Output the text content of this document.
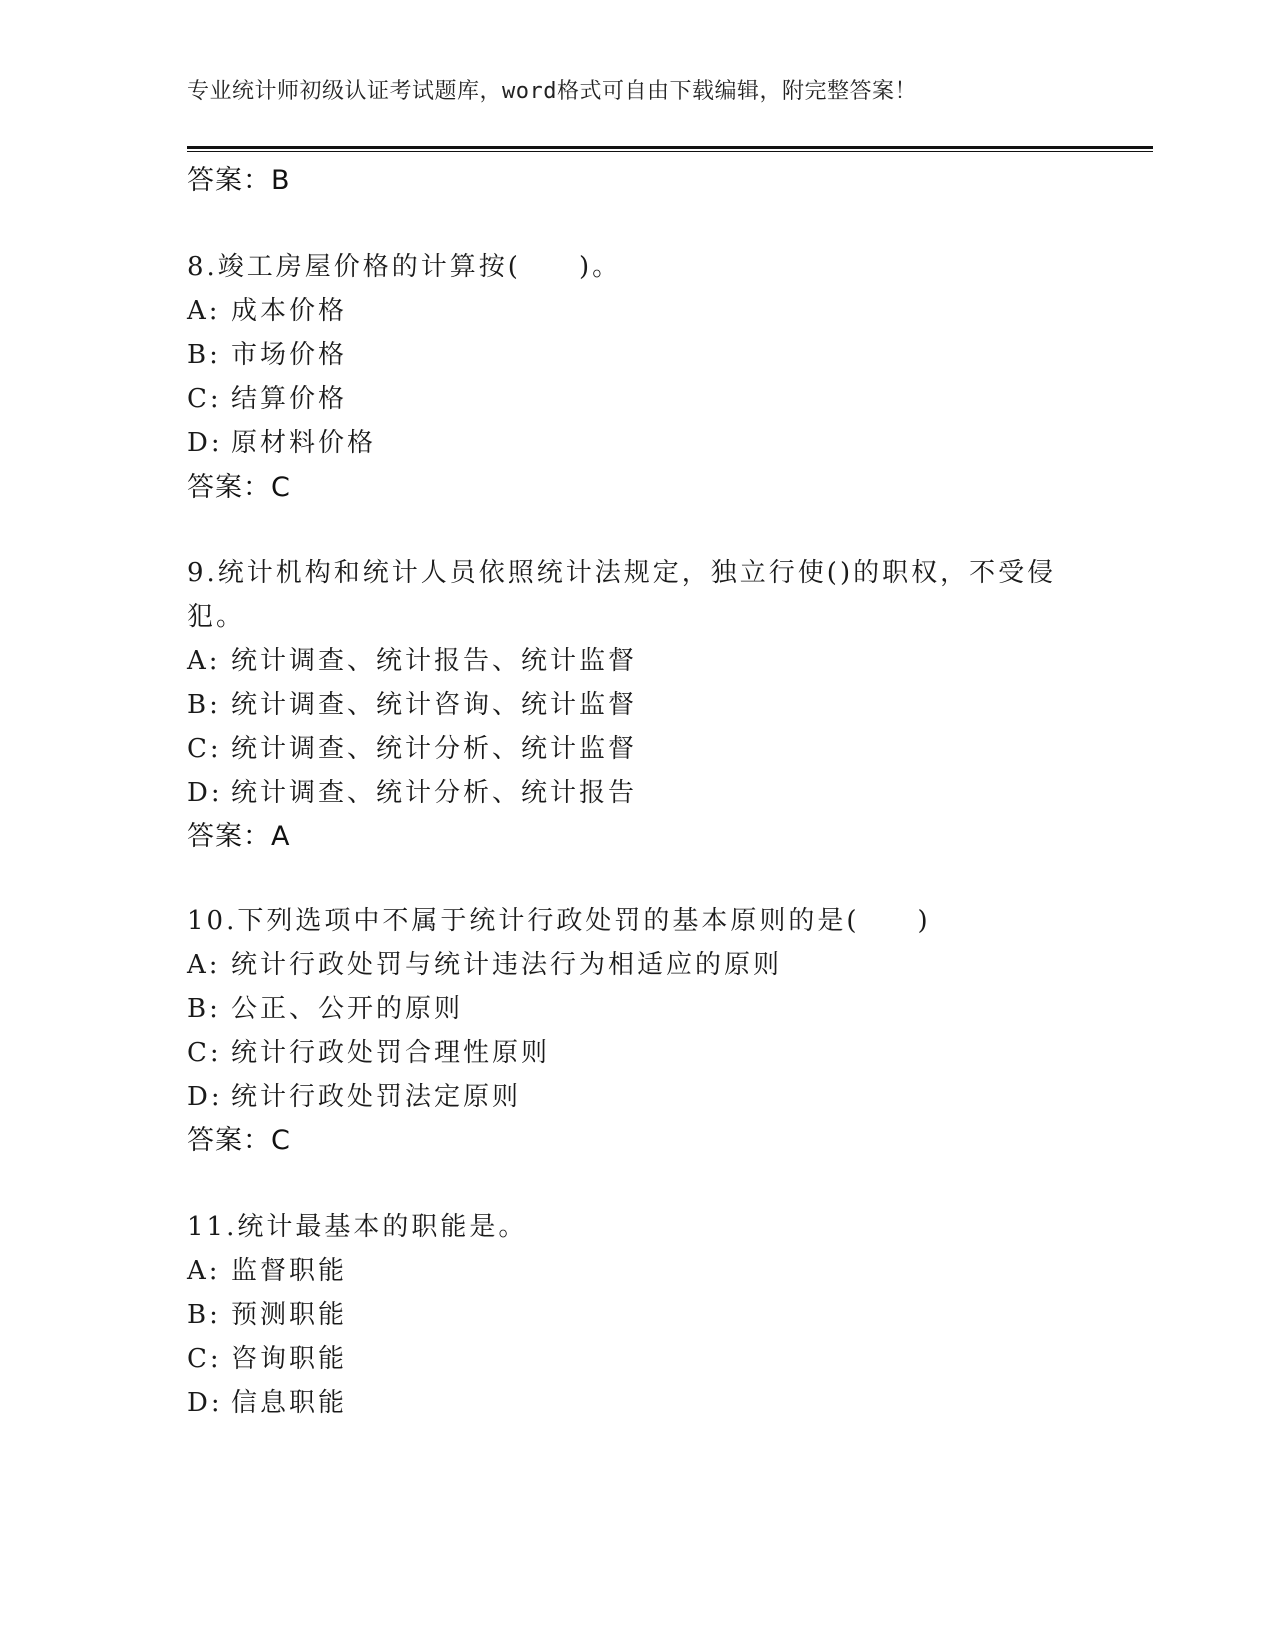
专业统计师初级认证考试题库，word格式可自由下载编辑，附完整答案！
答案：B
8.竣工房屋价格的计算按(　　)。
A: 成本价格
B: 市场价格
C: 结算价格
D: 原材料价格
答案：C
9.统计机构和统计人员依照统计法规定，独立行使()的职权，不受侵
犯。
A: 统计调查、统计报告、统计监督
B: 统计调查、统计咨询、统计监督
C: 统计调查、统计分析、统计监督
D: 统计调查、统计分析、统计报告
答案：A
10.下列选项中不属于统计行政处罚的基本原则的是(　　)
A: 统计行政处罚与统计违法行为相适应的原则
B: 公正、公开的原则
C: 统计行政处罚合理性原则
D: 统计行政处罚法定原则
答案：C
11.统计最基本的职能是。
A: 监督职能
B: 预测职能
C: 咨询职能
D: 信息职能
